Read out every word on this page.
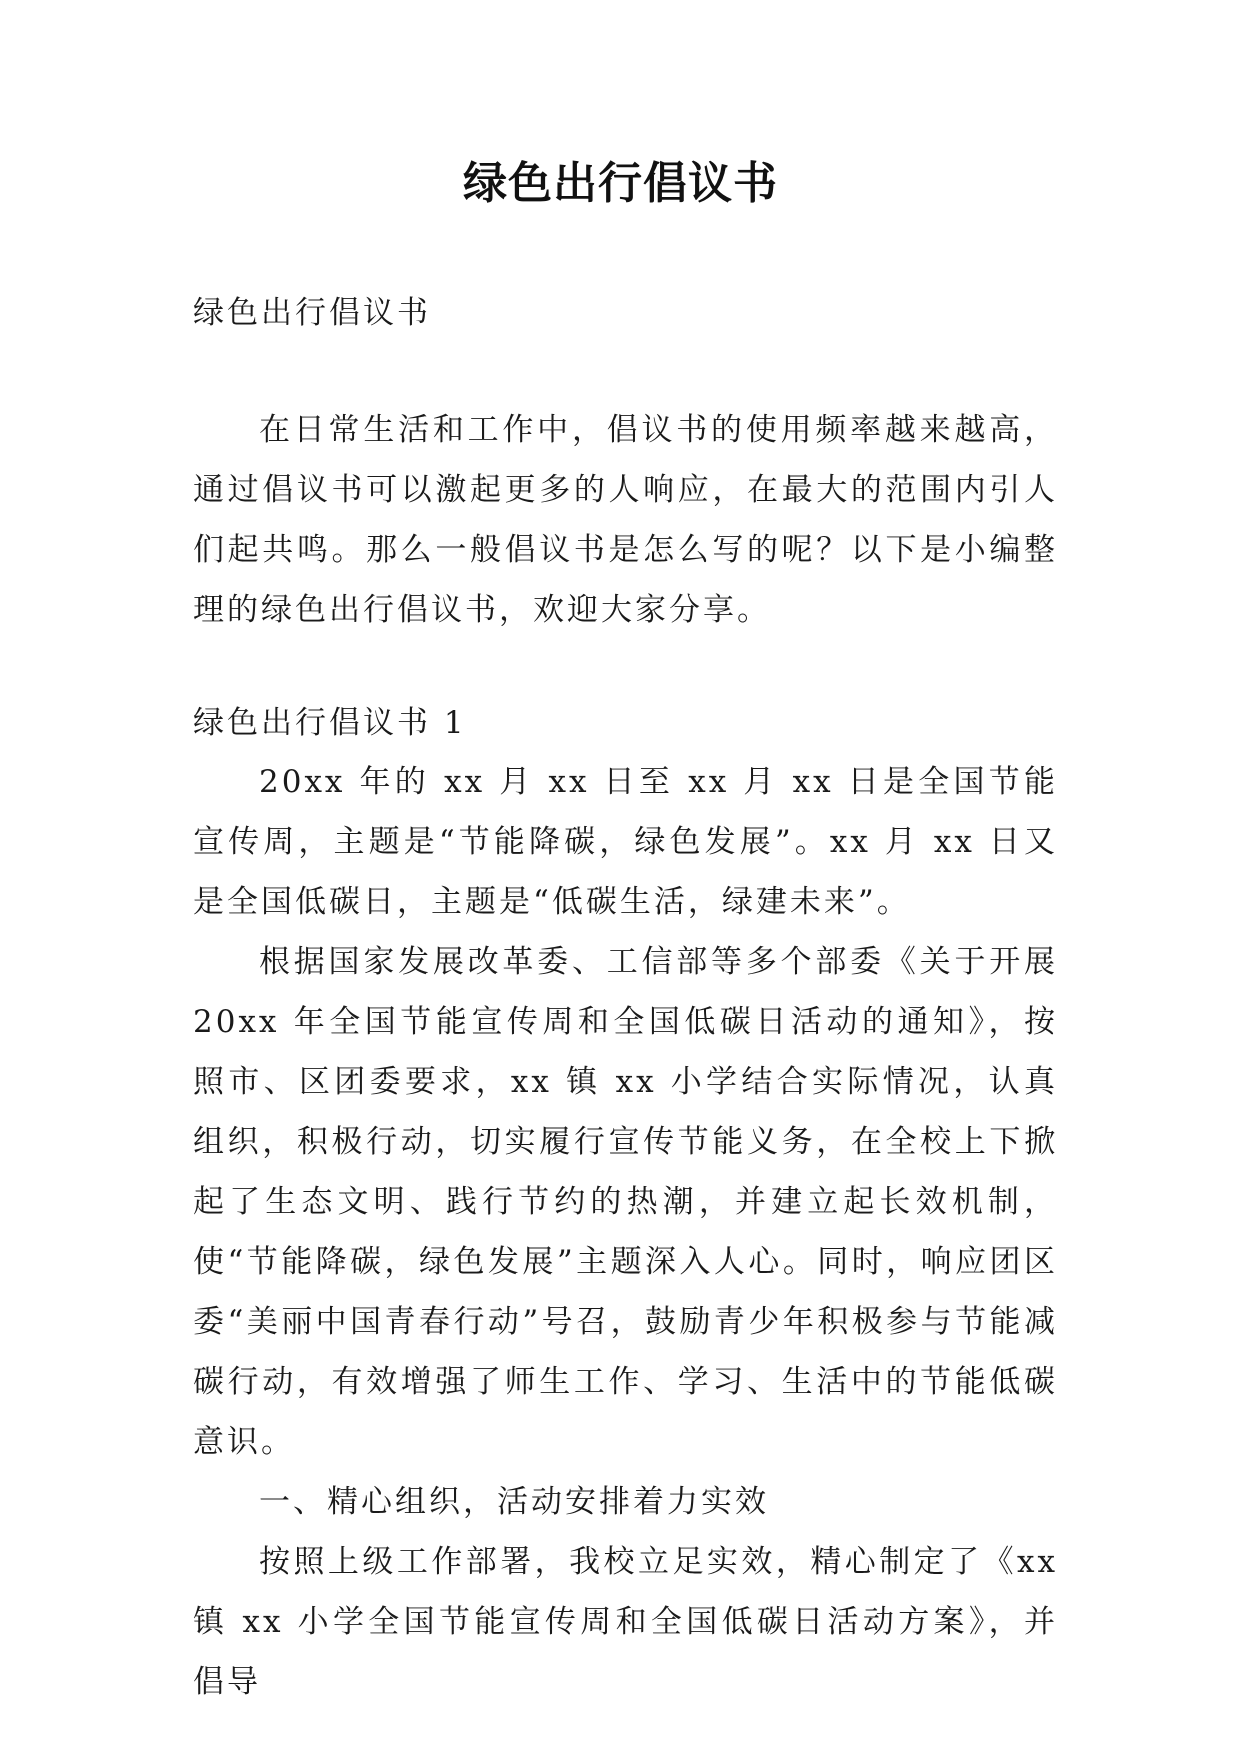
绿色出行倡议书

绿色出行倡议书

在日常生活和工作中，倡议书的使用频率越来越高，通过倡议书可以激起更多的人响应，在最大的范围内引人们起共鸣。那么一般倡议书是怎么写的呢？以下是小编整理的绿色出行倡议书，欢迎大家分享。

绿色出行倡议书 1

20xx 年的 xx 月 xx 日至 xx 月 xx 日是全国节能宣传周，主题是“节能降碳，绿色发展”。xx 月 xx 日又是全国低碳日，主题是“低碳生活，绿建未来”。

根据国家发展改革委、工信部等多个部委《关于开展 20xx 年全国节能宣传周和全国低碳日活动的通知》，按照市、区团委要求，xx 镇 xx 小学结合实际情况，认真组织，积极行动，切实履行宣传节能义务，在全校上下掀起了生态文明、践行节约的热潮，并建立起长效机制，使“节能降碳，绿色发展”主题深入人心。同时，响应团区委“美丽中国青春行动”号召，鼓励青少年积极参与节能减碳行动，有效增强了师生工作、学习、生活中的节能低碳意识。

一、精心组织，活动安排着力实效

按照上级工作部署，我校立足实效，精心制定了《xx 镇 xx 小学全国节能宣传周和全国低碳日活动方案》，并倡导
